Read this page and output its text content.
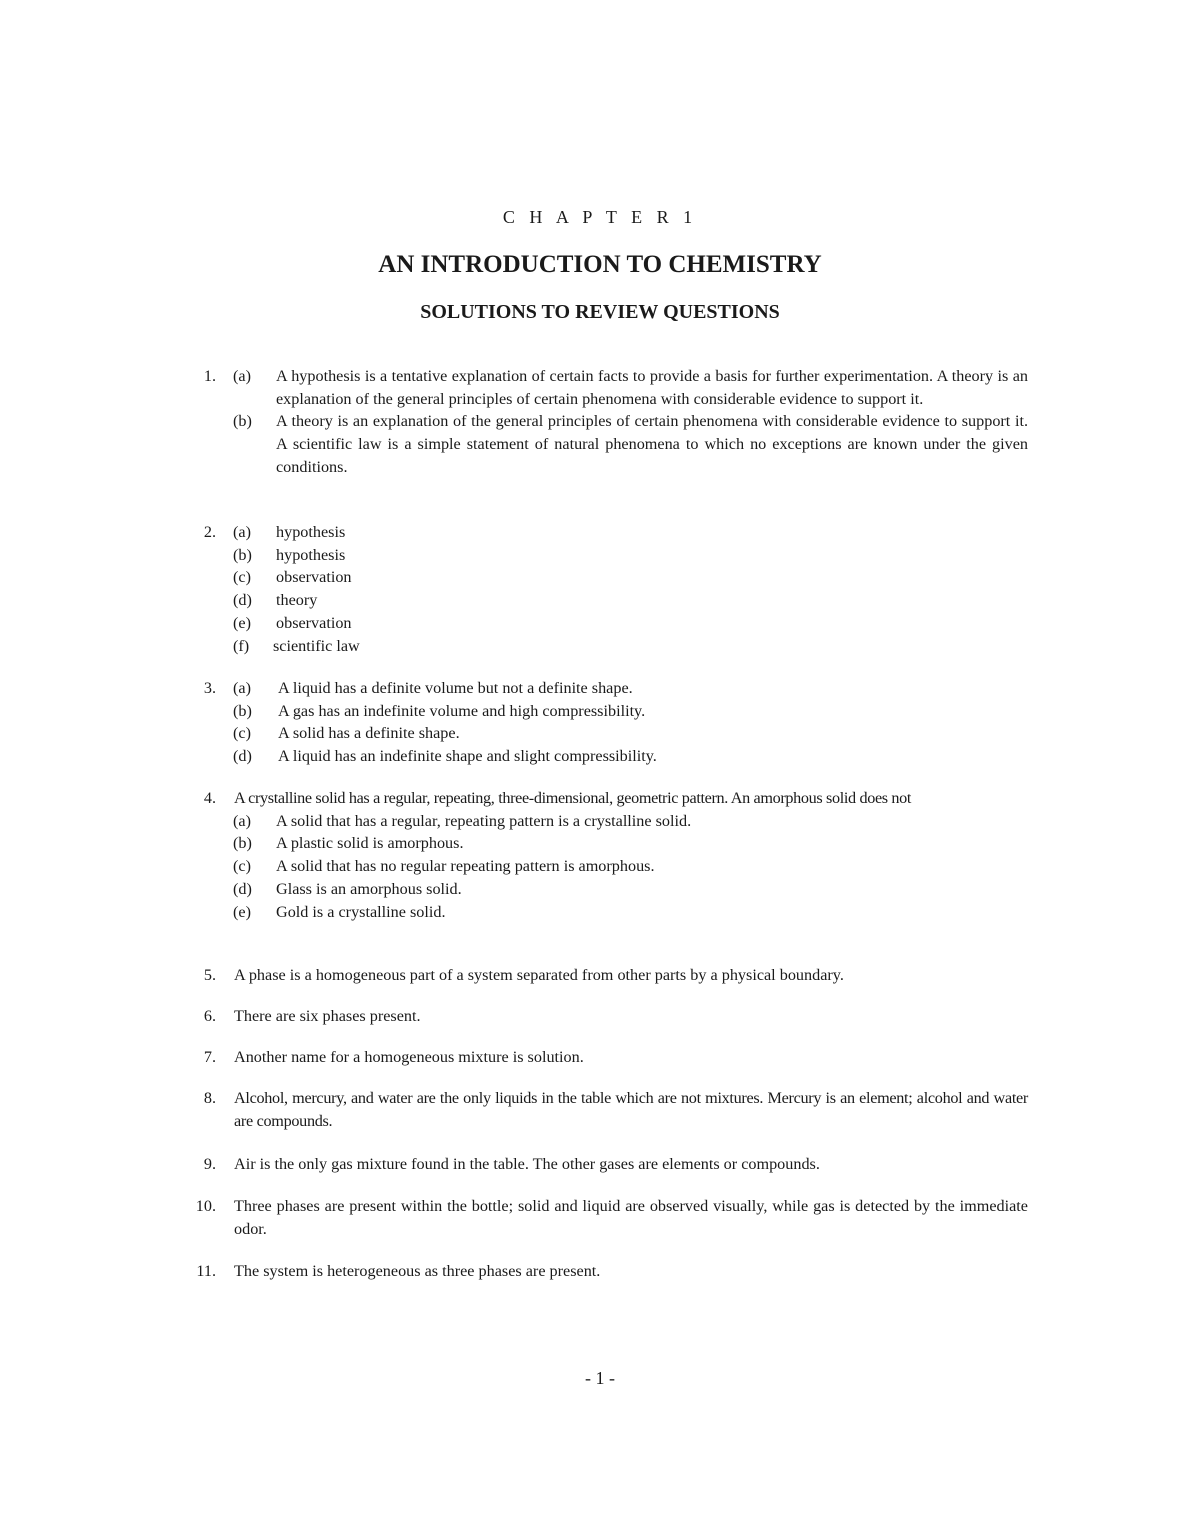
C H A P T E R 1
AN INTRODUCTION TO CHEMISTRY
SOLUTIONS TO REVIEW QUESTIONS
1. (a) A hypothesis is a tentative explanation of certain facts to provide a basis for further experimentation. A theory is an explanation of the general principles of certain phenomena with considerable evidence to support it.
(b) A theory is an explanation of the general principles of certain phenomena with considerable evidence to support it. A scientific law is a simple statement of natural phenomena to which no exceptions are known under the given conditions.
2. (a) hypothesis
(b) hypothesis
(c) observation
(d) theory
(e) observation
(f) scientific law
3. (a) A liquid has a definite volume but not a definite shape.
(b) A gas has an indefinite volume and high compressibility.
(c) A solid has a definite shape.
(d) A liquid has an indefinite shape and slight compressibility.
4. A crystalline solid has a regular, repeating, three-dimensional, geometric pattern. An amorphous solid does not
(a) A solid that has a regular, repeating pattern is a crystalline solid.
(b) A plastic solid is amorphous.
(c) A solid that has no regular repeating pattern is amorphous.
(d) Glass is an amorphous solid.
(e) Gold is a crystalline solid.
5. A phase is a homogeneous part of a system separated from other parts by a physical boundary.
6. There are six phases present.
7. Another name for a homogeneous mixture is solution.
8. Alcohol, mercury, and water are the only liquids in the table which are not mixtures. Mercury is an element; alcohol and water are compounds.
9. Air is the only gas mixture found in the table. The other gases are elements or compounds.
10. Three phases are present within the bottle; solid and liquid are observed visually, while gas is detected by the immediate odor.
11. The system is heterogeneous as three phases are present.
- 1 -
